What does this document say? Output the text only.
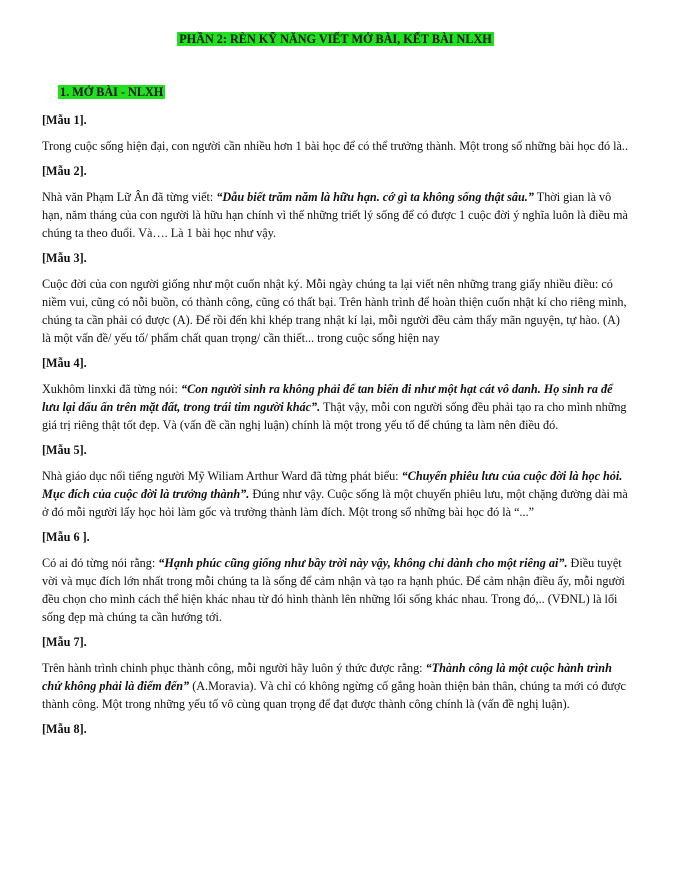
PHẦN 2: RÈN KỸ NĂNG VIẾT MỞ BÀI, KẾT BÀI NLXH
1. MỞ BÀI - NLXH
[Mẫu 1].

Trong cuộc sống hiện đại, con người cần nhiều hơn 1 bài học để có thể trưởng thành. Một trong số những bài học đó là..

[Mẫu 2].

Nhà văn Phạm Lữ Ân đã từng viết: “Dẫu biết trăm năm là hữu hạn. cớ gì ta không sống thật sâu.” Thời gian là vô hạn, năm tháng của con người là hữu hạn chính vì thế những triết lý sống để có được 1 cuộc đời ý nghĩa luôn là điều mà chúng ta theo đuổi. Và…. Là 1 bài học như vậy.

[Mẫu 3].

Cuộc đời của con người giống như một cuốn nhật ký. Mỗi ngày chúng ta lại viết nên những trang giấy nhiều điều: có niềm vui, cũng có nỗi buồn, có thành công, cũng có thất bại. Trên hành trình để hoàn thiện cuốn nhật kí cho riêng mình, chúng ta cần phải có được (A). Để rồi đến khi khép trang nhật kí lại, mỗi người đều cảm thấy mãn nguyện, tự hào. (A) là một vấn đề/ yếu tố/ phẩm chất quan trọng/ cần thiết... trong cuộc sống hiện nay

[Mẫu 4].

Xukhôm linxki đã từng nói: “Con người sinh ra không phải để tan biến đi như một hạt cát vô danh. Họ sinh ra để lưu lại dấu ấn trên mặt đất, trong trái tim người khác”. Thật vậy, mỗi con người sống đều phải tạo ra cho mình những giá trị riêng thật tốt đẹp. Và (vấn đề cần nghị luận) chính là một trong yếu tố để chúng ta làm nên điều đó.

[Mẫu 5].

Nhà giáo dục nổi tiếng người Mỹ Wiliam Arthur Ward đã từng phát biểu: “Chuyến phiêu lưu của cuộc đời là học hỏi. Mục đích của cuộc đời là trưởng thành”. Đúng như vậy. Cuộc sống là một chuyến phiêu lưu, một chặng đường dài mà ở đó mỗi người lấy học hỏi làm gốc và trưởng thành làm đích. Một trong số những bài học đó là “...”

[Mẫu 6 ].

Có ai đó từng nói rằng: “Hạnh phúc cũng giống như bầy trời này vậy, không chỉ dành cho một riêng ai”. Điều tuyệt vời và mục đích lớn nhất trong mỗi chúng ta là sống để cảm nhận và tạo ra hạnh phúc. Để cảm nhận điều ấy, mỗi người đều chọn cho mình cách thể hiện khác nhau từ đó hình thành lên những lối sống khác nhau. Trong đó,.. (VĐNL) là lối sống đẹp mà chúng ta cần hướng tới.

[Mẫu 7].

Trên hành trình chinh phục thành công, mỗi người hãy luôn ý thức được rằng: “Thành công là một cuộc hành trình chứ không phải là điểm đến” (A.Moravia). Và chỉ có không ngừng cố gắng hoàn thiện bản thân, chúng ta mới có được thành công. Một trong những yếu tố vô cùng quan trọng để đạt được thành công chính là (vấn đề nghị luận).

[Mẫu 8].
